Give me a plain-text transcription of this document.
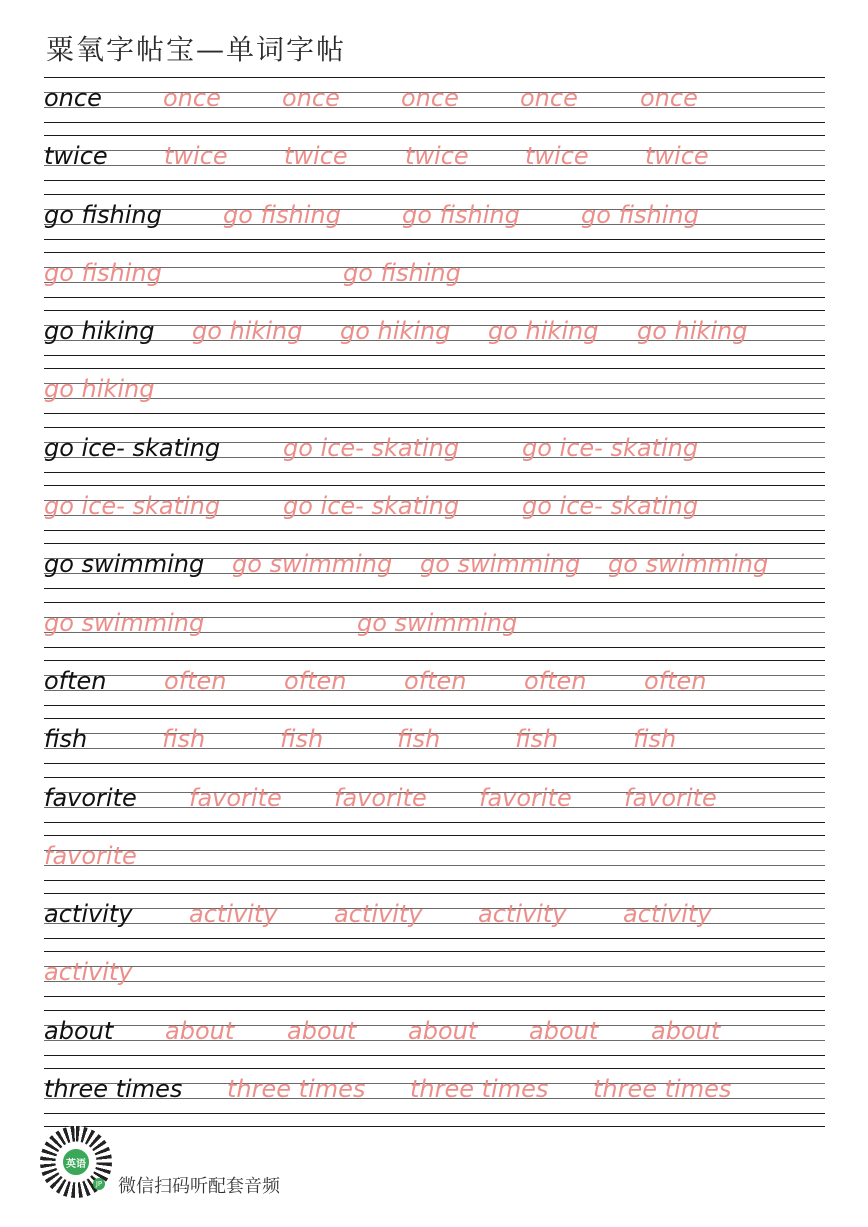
粟氧字帖宝—单词字帖
once	once	once	once	once	once
twice twice twice twice twice twice
go fishing	go fishing	go fishing	go fishing
go fishing	go fishing
go hiking go hiking go hiking go hiking go hiking
go hiking
go ice- skating	go ice- skating	go ice- skating
go ice- skating	go ice- skating	go ice- skating
go swimming go swimming go swimming go swimming
go swimming	go swimming
often often often often often often
fish	fish	fish	fish	fish	fish
favorite favorite favorite favorite favorite
favorite
activity activity activity activity activity
activity
about about about about about about
three times three times three times three times
英语
JP 微信扫码听配套音频
